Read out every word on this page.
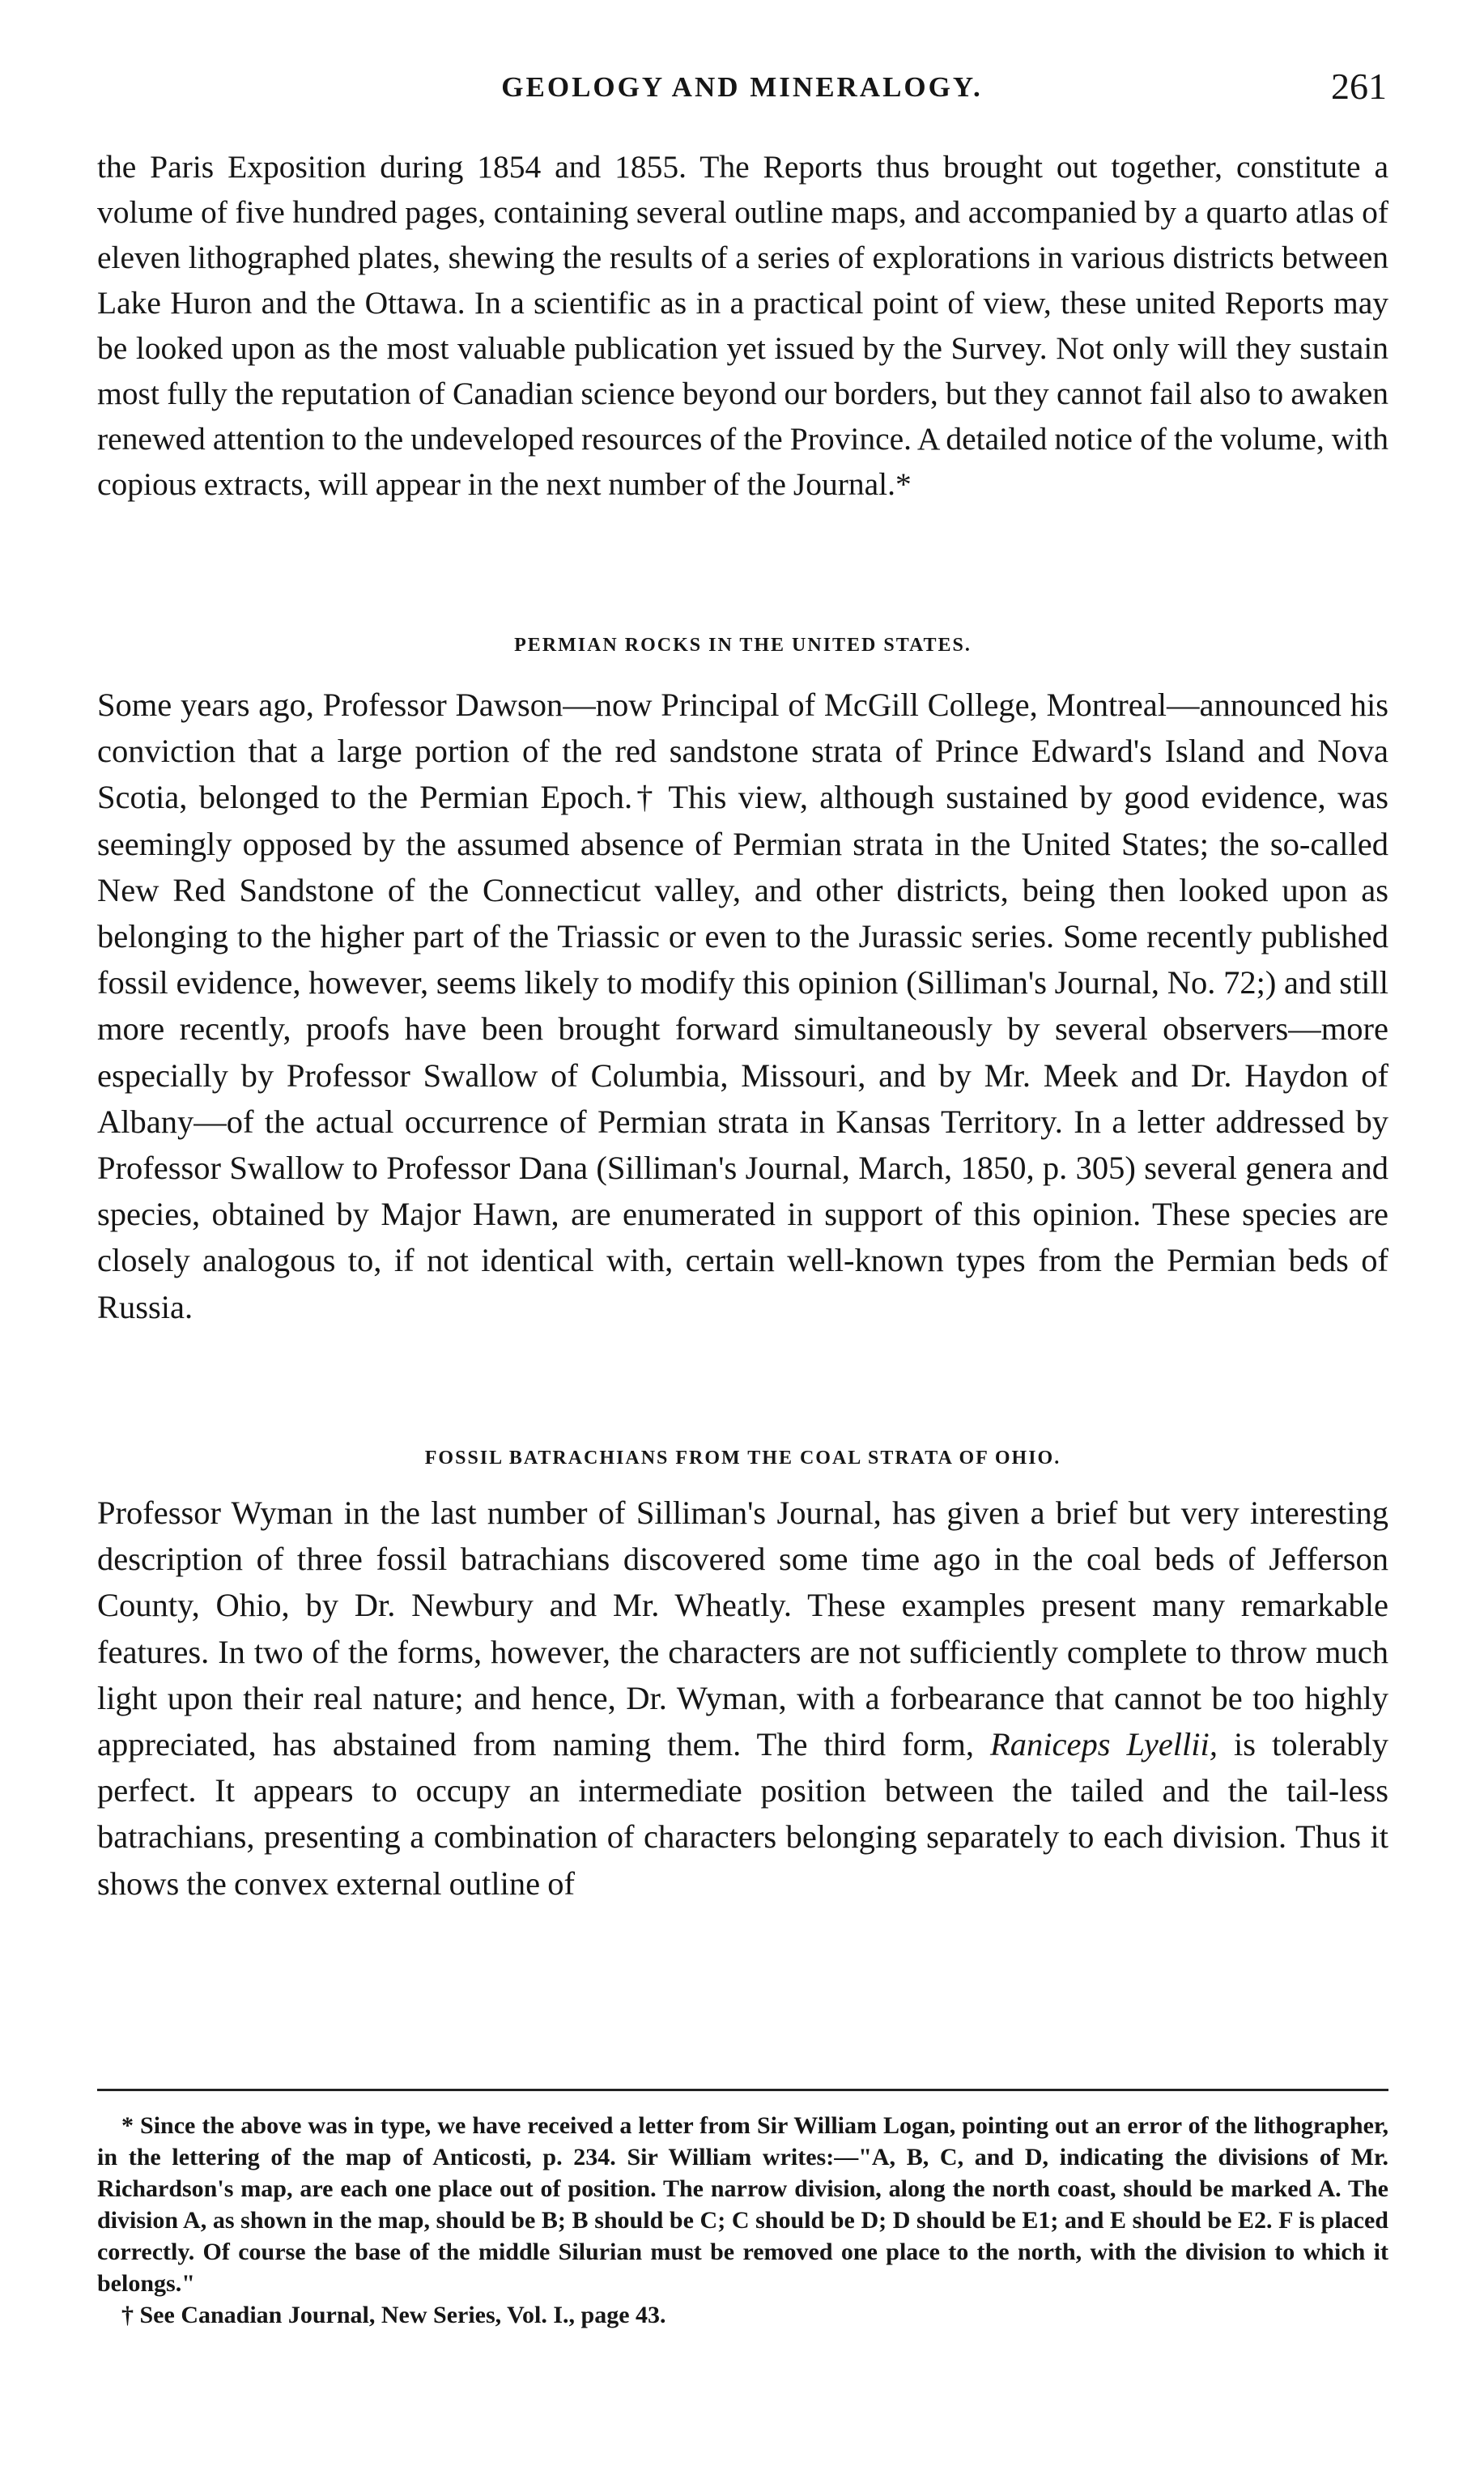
GEOLOGY AND MINERALOGY.	261

the Paris Exposition during 1854 and 1855. The Reports thus brought out together, constitute a volume of five hundred pages, containing several outline maps, and accompanied by a quarto atlas of eleven lithographed plates, shewing the results of a series of explorations in various districts between Lake Huron and the Ottawa. In a scientific as in a practical point of view, these united Reports may be looked upon as the most valuable publication yet issued by the Survey. Not only will they sustain most fully the reputation of Canadian science beyond our borders, but they cannot fail also to awaken renewed attention to the undeveloped resources of the Province. A detailed notice of the volume, with copious extracts, will appear in the next number of the Journal.*

PERMIAN ROCKS IN THE UNITED STATES.

Some years ago, Professor Dawson—now Principal of McGill College, Montreal—announced his conviction that a large portion of the red sandstone strata of Prince Edward's Island and Nova Scotia, belonged to the Permian Epoch.† This view, although sustained by good evidence, was seemingly opposed by the assumed absence of Permian strata in the United States; the so-called New Red Sandstone of the Connecticut valley, and other districts, being then looked upon as belonging to the higher part of the Triassic or even to the Jurassic series. Some recently published fossil evidence, however, seems likely to modify this opinion (Silliman's Journal, No. 72;) and still more recently, proofs have been brought forward simultaneously by several observers—more especially by Professor Swallow of Columbia, Missouri, and by Mr. Meek and Dr. Haydon of Albany—of the actual occurrence of Permian strata in Kansas Territory. In a letter addressed by Professor Swallow to Professor Dana (Silliman's Journal, March, 1850, p. 305) several genera and species, obtained by Major Hawn, are enumerated in support of this opinion. These species are closely analogous to, if not identical with, certain well-known types from the Permian beds of Russia.

FOSSIL BATRACHIANS FROM THE COAL STRATA OF OHIO.

Professor Wyman in the last number of Silliman's Journal, has given a brief but very interesting description of three fossil batrachians discovered some time ago in the coal beds of Jefferson County, Ohio, by Dr. Newbury and Mr. Wheatly. These examples present many remarkable features. In two of the forms, however, the characters are not sufficiently complete to throw much light upon their real nature; and hence, Dr. Wyman, with a forbearance that cannot be too highly appreciated, has abstained from naming them. The third form, Raniceps Lyellii, is tolerably perfect. It appears to occupy an intermediate position between the tailed and the tail-less batrachians, presenting a combination of characters belonging separately to each division. Thus it shows the convex external outline of

* Since the above was in type, we have received a letter from Sir William Logan, pointing out an error of the lithographer, in the lettering of the map of Anticosti, p. 234. Sir William writes:—"A, B, C, and D, indicating the divisions of Mr. Richardson's map, are each one place out of position. The narrow division, along the north coast, should be marked A. The division A, as shown in the map, should be B; B should be C; C should be D; D should be E1; and E should be E2. F is placed correctly. Of course the base of the middle Silurian must be removed one place to the north, with the division to which it belongs."

† See Canadian Journal, New Series, Vol. I., page 43.
